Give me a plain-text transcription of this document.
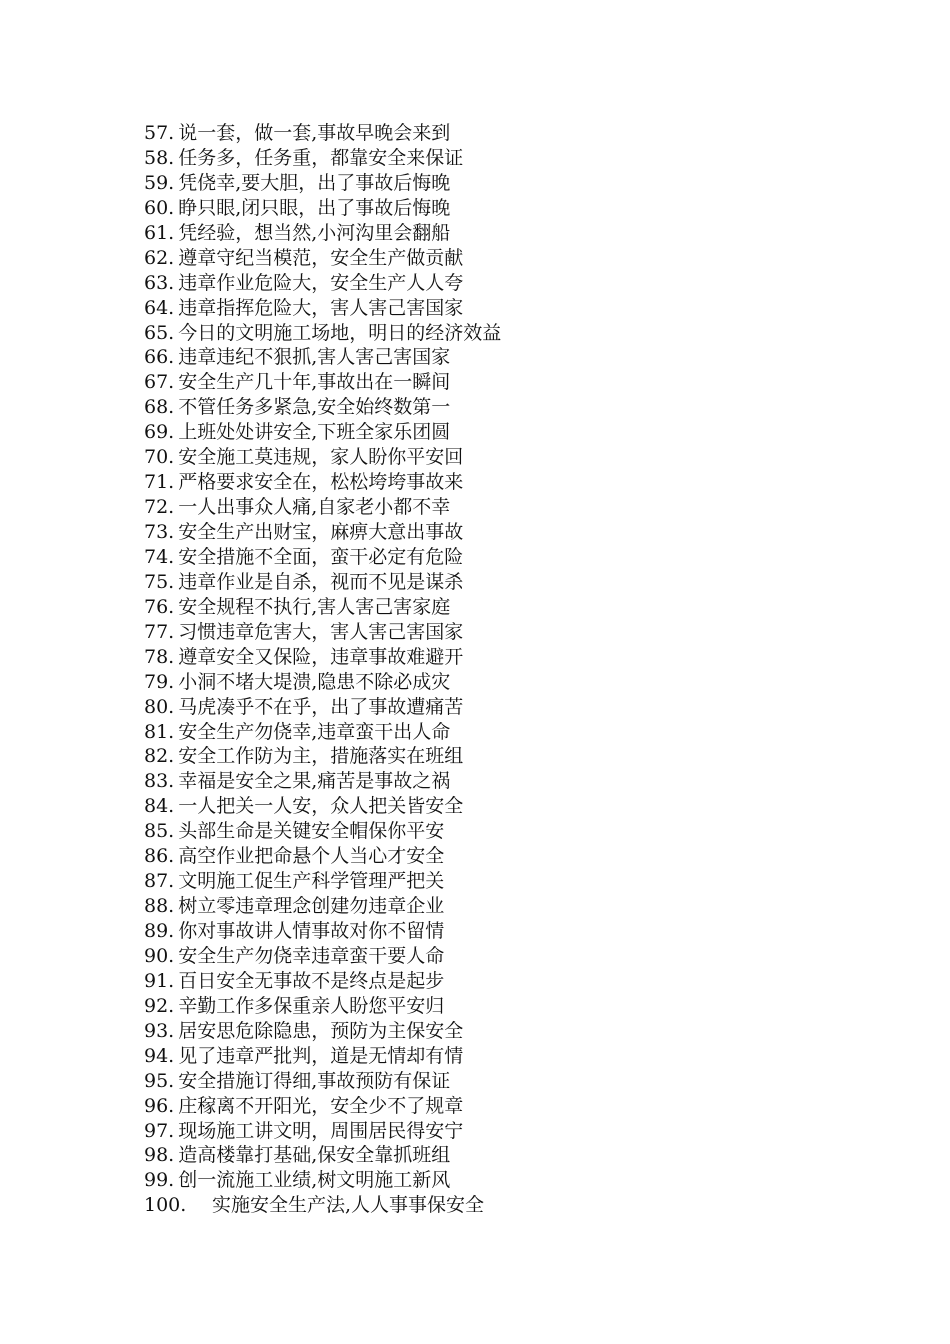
57. 说一套，做一套,事故早晚会来到
58. 任务多，任务重，都靠安全来保证
59. 凭侥幸,要大胆，出了事故后悔晚
60. 睁只眼,闭只眼，出了事故后悔晚
61. 凭经验，想当然,小河沟里会翻船
62. 遵章守纪当模范，安全生产做贡献
63. 违章作业危险大，安全生产人人夸
64. 违章指挥危险大，害人害己害国家
65. 今日的文明施工场地，明日的经济效益
66. 违章违纪不狠抓,害人害己害国家
67. 安全生产几十年,事故出在一瞬间
68. 不管任务多紧急,安全始终数第一
69. 上班处处讲安全,下班全家乐团圆
70. 安全施工莫违规，家人盼你平安回
71. 严格要求安全在，松松垮垮事故来
72. 一人出事众人痛,自家老小都不幸
73. 安全生产出财宝，麻痹大意出事故
74. 安全措施不全面，蛮干必定有危险
75. 违章作业是自杀，视而不见是谋杀
76. 安全规程不执行,害人害己害家庭
77. 习惯违章危害大，害人害己害国家
78. 遵章安全又保险，违章事故难避开
79. 小洞不堵大堤溃,隐患不除必成灾
80. 马虎凑乎不在乎，出了事故遭痛苦
81. 安全生产勿侥幸,违章蛮干出人命
82. 安全工作防为主，措施落实在班组
83. 幸福是安全之果,痛苦是事故之祸
84. 一人把关一人安，众人把关皆安全
85. 头部生命是关键安全帽保你平安
86. 高空作业把命悬个人当心才安全
87. 文明施工促生产科学管理严把关
88. 树立零违章理念创建勿违章企业
89. 你对事故讲人情事故对你不留情
90. 安全生产勿侥幸违章蛮干要人命
91. 百日安全无事故不是终点是起步
92. 辛勤工作多保重亲人盼您平安归
93. 居安思危除隐患，预防为主保安全
94. 见了违章严批判，道是无情却有情
95. 安全措施订得细,事故预防有保证
96. 庄稼离不开阳光，安全少不了规章
97. 现场施工讲文明，周围居民得安宁
98. 造高楼靠打基础,保安全靠抓班组
99. 创一流施工业绩,树文明施工新风
100. 实施安全生产法,人人事事保安全
